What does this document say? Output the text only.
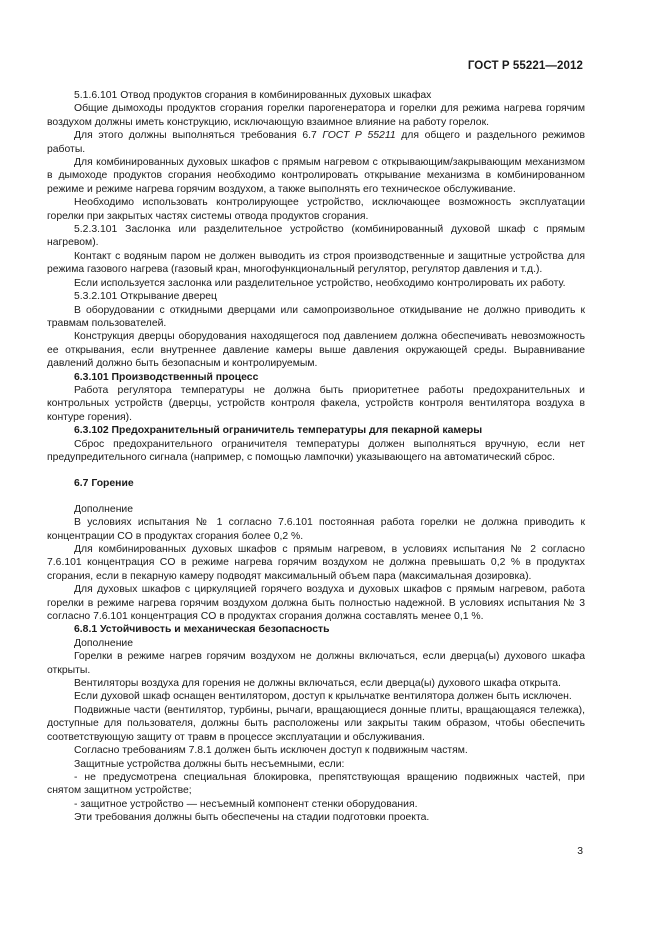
ГОСТ Р 55221—2012

5.1.6.101 Отвод продуктов сгорания в комбинированных духовых шкафах

Общие дымоходы продуктов сгорания горелки парогенератора и горелки для режима нагрева горячим воздухом должны иметь конструкцию, исключающую взаимное влияние на работу горелок.

Для этого должны выполняться требования 6.7 ГОСТ Р 55211 для общего и раздельного режимов работы.

Для комбинированных духовых шкафов с прямым нагревом с открывающим/закрывающим механизмом в дымоходе продуктов сгорания необходимо контролировать открывание механизма в комбинированном режиме и режиме нагрева горячим воздухом, а также выполнять его техническое обслуживание.

Необходимо использовать контролирующее устройство, исключающее возможность эксплуатации горелки при закрытых частях системы отвода продуктов сгорания.

5.2.3.101 Заслонка или разделительное устройство (комбинированный духовой шкаф с прямым нагревом).

Контакт с водяным паром не должен выводить из строя производственные и защитные устройства для режима газового нагрева (газовый кран, многофункциональный регулятор, регулятор давления и т.д.).

Если используется заслонка или разделительное устройство, необходимо контролировать их работу.

5.3.2.101 Открывание дверец

В оборудовании с откидными дверцами или самопроизвольное откидывание не должно приводить к травмам пользователей.

Конструкция дверцы оборудования находящегося под давлением должна обеспечивать невозможность ее открывания, если внутреннее давление камеры выше давления окружающей среды. Выравнивание давлений должно быть безопасным и контролируемым.

6.3.101 Производственный процесс

Работа регулятора температуры не должна быть приоритетнее работы предохранительных и контрольных устройств (дверцы, устройств контроля факела, устройств контроля вентилятора воздуха в контуре горения).

6.3.102 Предохранительный ограничитель температуры для пекарной камеры

Сброс предохранительного ограничителя температуры должен выполняться вручную, если нет предупредительного сигнала (например, с помощью лампочки) указывающего на автоматический сброс.

6.7 Горение

Дополнение

В условиях испытания № 1 согласно 7.6.101 постоянная работа горелки не должна приводить к концентрации CO в продуктах сгорания более 0,2 %.

Для комбинированных духовых шкафов с прямым нагревом, в условиях испытания № 2 согласно 7.6.101 концентрация CO в режиме нагрева горячим воздухом не должна превышать 0,2 % в продуктах сгорания, если в пекарную камеру подводят максимальный объем пара (максимальная дозировка).

Для духовых шкафов с циркуляцией горячего воздуха и духовых шкафов с прямым нагревом, работа горелки в режиме нагрева горячим воздухом должна быть полностью надежной. В условиях испытания № 3 согласно 7.6.101 концентрация CO в продуктах сгорания должна составлять менее 0,1 %.

6.8.1 Устойчивость и механическая безопасность

Дополнение

Горелки в режиме нагрев горячим воздухом не должны включаться, если дверца(ы) духового шкафа открыты.

Вентиляторы воздуха для горения не должны включаться, если дверца(ы) духового шкафа открыта.

Если духовой шкаф оснащен вентилятором, доступ к крыльчатке вентилятора должен быть исключен.

Подвижные части (вентилятор, турбины, рычаги, вращающиеся донные плиты, вращающаяся тележка), доступные для пользователя, должны быть расположены или закрыты таким образом, чтобы обеспечить соответствующую защиту от травм в процессе эксплуатации и обслуживания.

Согласно требованиям 7.8.1 должен быть исключен доступ к подвижным частям.

Защитные устройства должны быть несъемными, если:

- не предусмотрена специальная блокировка, препятствующая вращению подвижных частей, при снятом защитном устройстве;

- защитное устройство — несъемный компонент стенки оборудования.

Эти требования должны быть обеспечены на стадии подготовки проекта.

3
